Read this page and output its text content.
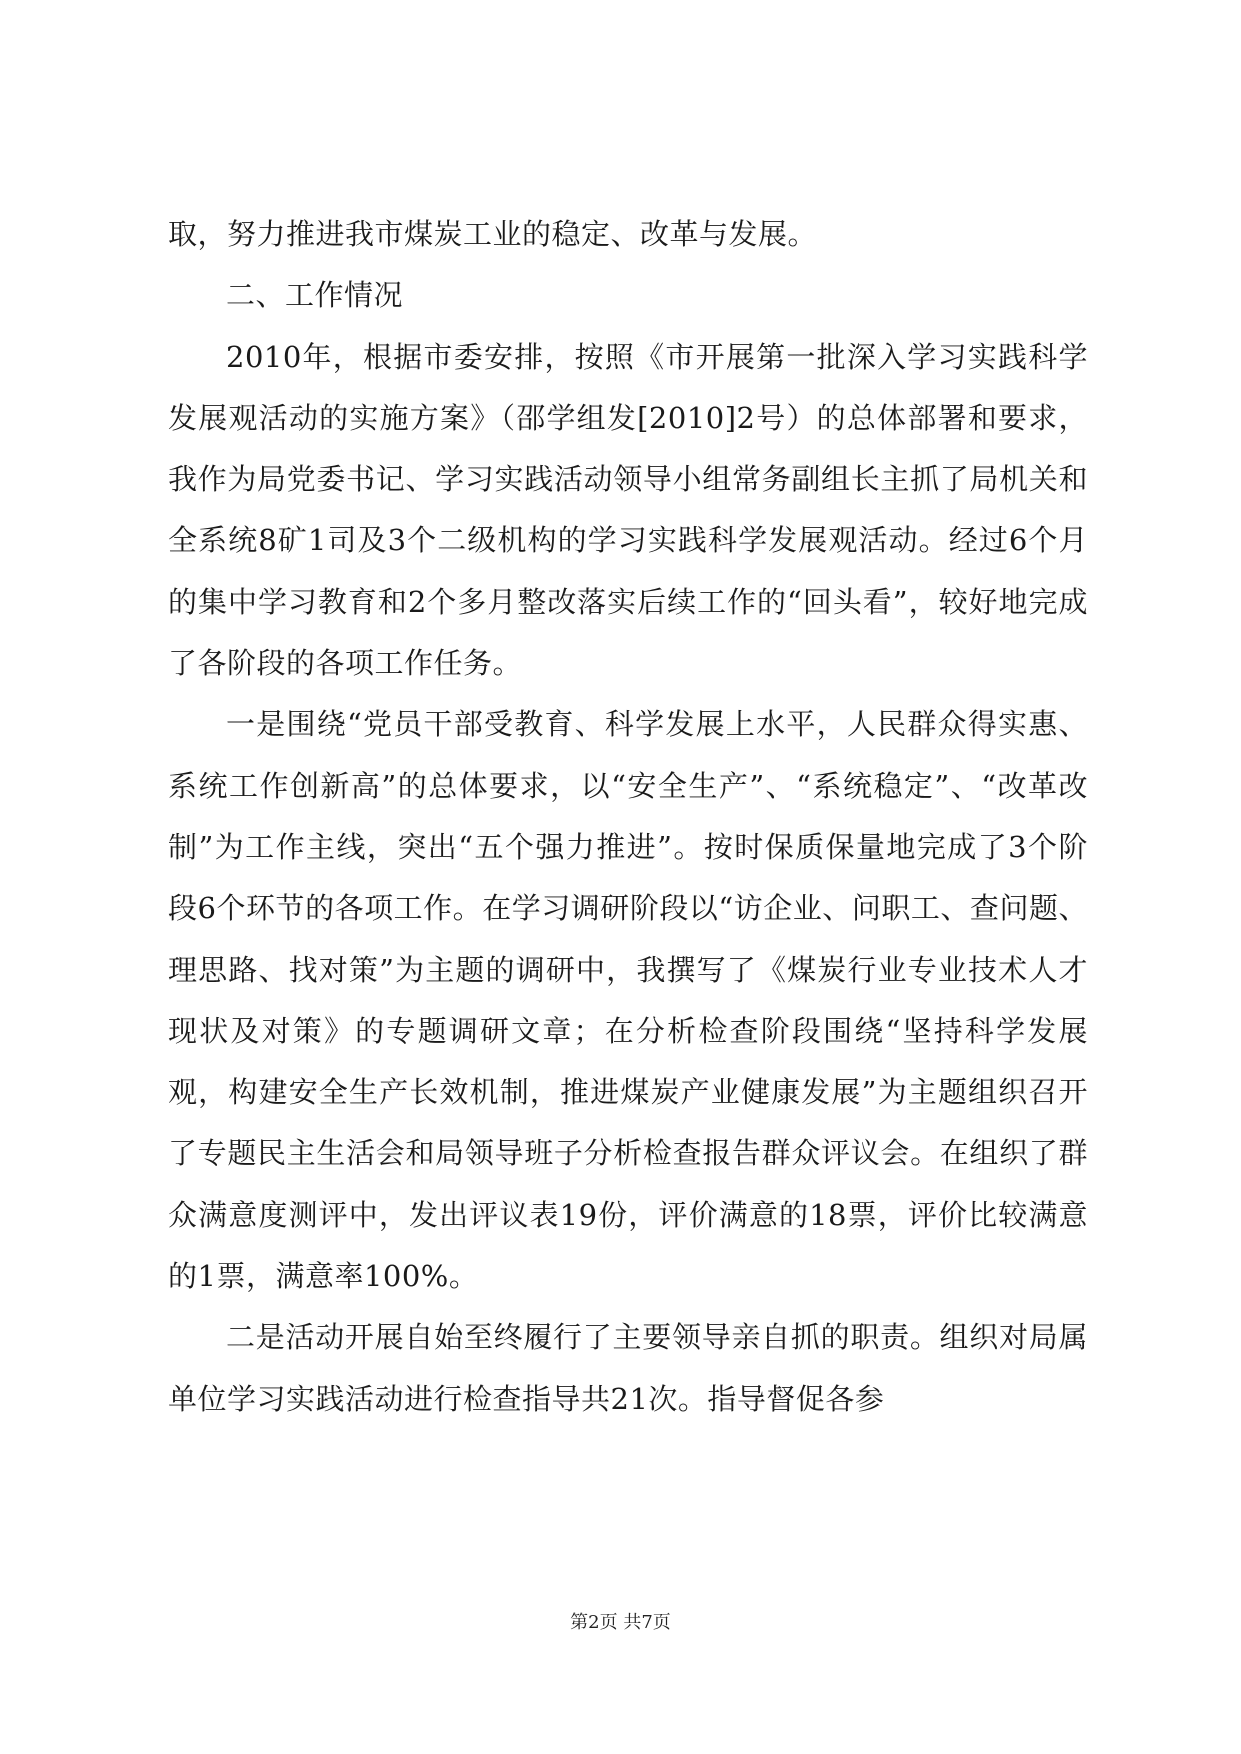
取，努力推进我市煤炭工业的稳定、改革与发展。

二、工作情况

2010年，根据市委安排，按照《市开展第一批深入学习实践科学发展观活动的实施方案》（邵学组发[2010]2号）的总体部署和要求，我作为局党委书记、学习实践活动领导小组常务副组长主抓了局机关和全系统8矿1司及3个二级机构的学习实践科学发展观活动。经过6个月的集中学习教育和2个多月整改落实后续工作的“回头看”，较好地完成了各阶段的各项工作任务。

一是围绕“党员干部受教育、科学发展上水平，人民群众得实惠、系统工作创新高”的总体要求，以“安全生产”、“系统稳定”、“改革改制”为工作主线，突出“五个强力推进”。按时保质保量地完成了3个阶段6个环节的各项工作。在学习调研阶段以“访企业、问职工、查问题、理思路、找对策”为主题的调研中，我撰写了《煤炭行业专业技术人才现状及对策》的专题调研文章；在分析检查阶段围绕“坚持科学发展观，构建安全生产长效机制，推进煤炭产业健康发展”为主题组织召开了专题民主生活会和局领导班子分析检查报告群众评议会。在组织了群众满意度测评中，发出评议表19份，评价满意的18票，评价比较满意的1票，满意率100%。

二是活动开展自始至终履行了主要领导亲自抓的职责。组织对局属单位学习实践活动进行检查指导共21次。指导督促各参

第2页 共7页
